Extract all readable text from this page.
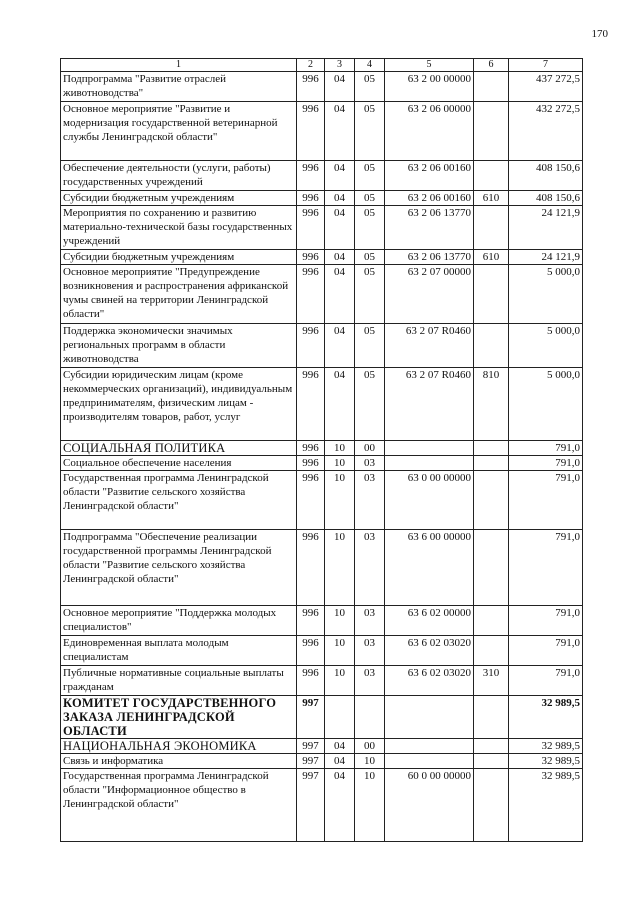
170
1	2	3	4	5	6	7
Подпрограмма "Развитие отраслей животноводства"	996	04	05	63 2 00 00000		437 272,5
Основное мероприятие "Развитие и модернизация государственной ветеринарной службы Ленинградской области"	996	04	05	63 2 06 00000		432 272,5
Обеспечение деятельности (услуги, работы) государственных учреждений	996	04	05	63 2 06 00160		408 150,6
Субсидии бюджетным учреждениям	996	04	05	63 2 06 00160	610	408 150,6
Мероприятия по сохранению и развитию материально-технической базы государственных учреждений	996	04	05	63 2 06 13770		24 121,9
Субсидии бюджетным учреждениям	996	04	05	63 2 06 13770	610	24 121,9
Основное мероприятие "Предупреждение возникновения и распространения африканской чумы свиней на территории Ленинградской области"	996	04	05	63 2 07 00000		5 000,0
Поддержка экономически значимых региональных программ в области животноводства	996	04	05	63 2 07 R0460		5 000,0
Субсидии юридическим лицам (кроме некоммерческих организаций), индивидуальным предпринимателям, физическим лицам - производителям товаров, работ, услуг	996	04	05	63 2 07 R0460	810	5 000,0
СОЦИАЛЬНАЯ ПОЛИТИКА	996	10	00			791,0
Социальное обеспечение населения	996	10	03			791,0
Государственная программа Ленинградской области "Развитие сельского хозяйства Ленинградской области"	996	10	03	63 0 00 00000		791,0
Подпрограмма "Обеспечение реализации государственной программы Ленинградской области "Развитие сельского хозяйства Ленинградской области"	996	10	03	63 6 00 00000		791,0
Основное мероприятие "Поддержка молодых специалистов"	996	10	03	63 6 02 00000		791,0
Единовременная выплата молодым специалистам	996	10	03	63 6 02 03020		791,0
Публичные нормативные социальные выплаты гражданам	996	10	03	63 6 02 03020	310	791,0
КОМИТЕТ ГОСУДАРСТВЕННОГО ЗАКАЗА ЛЕНИНГРАДСКОЙ ОБЛАСТИ	997					32 989,5
НАЦИОНАЛЬНАЯ ЭКОНОМИКА	997	04	00			32 989,5
Связь и информатика	997	04	10			32 989,5
Государственная программа Ленинградской области "Информационное общество в Ленинградской области"	997	04	10	60 0 00 00000		32 989,5
